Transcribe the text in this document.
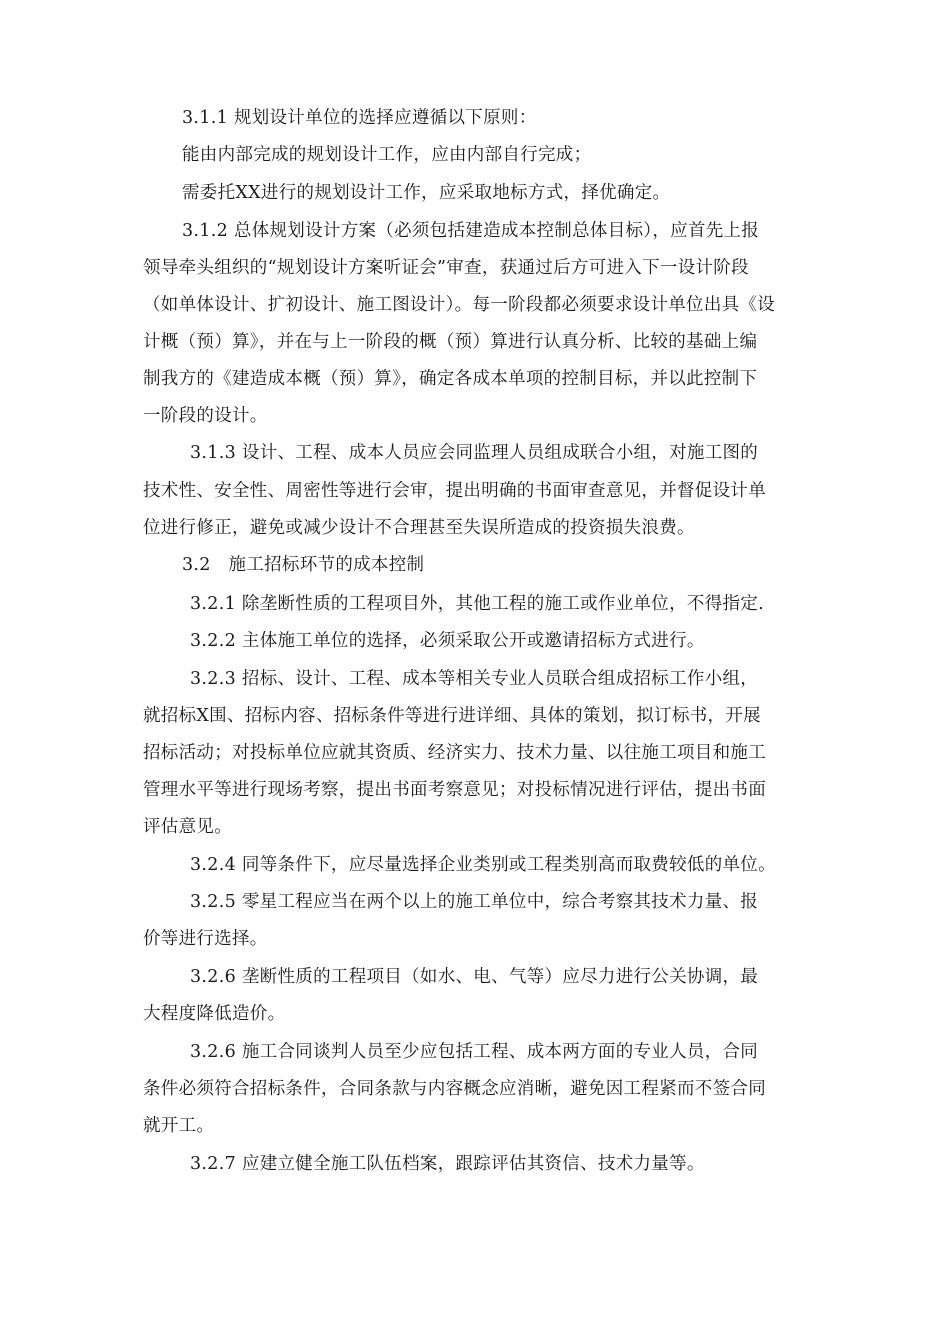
3.1.1 规划设计单位的选择应遵循以下原则：
能由内部完成的规划设计工作，应由内部自行完成；
需委托XX进行的规划设计工作，应采取地标方式，择优确定。
3.1.2 总体规划设计方案（必须包括建造成本控制总体目标），应首先上报
领导牵头组织的“规划设计方案听证会”审查，获通过后方可进入下一设计阶段
（如单体设计、扩初设计、施工图设计）。每一阶段都必须要求设计单位出具《设
计概（预）算》，并在与上一阶段的概（预）算进行认真分析、比较的基础上编
制我方的《建造成本概（预）算》，确定各成本单项的控制目标，并以此控制下
一阶段的设计。
3.1.3 设计、工程、成本人员应会同监理人员组成联合小组，对施工图的
技术性、安全性、周密性等进行会审，提出明确的书面审查意见，并督促设计单
位进行修正，避免或减少设计不合理甚至失误所造成的投资损失浪费。
3.2　施工招标环节的成本控制
3.2.1 除垄断性质的工程项目外，其他工程的施工或作业单位，不得指定.
3.2.2 主体施工单位的选择，必须采取公开或邀请招标方式进行。
3.2.3 招标、设计、工程、成本等相关专业人员联合组成招标工作小组，
就招标X围、招标内容、招标条件等进行进详细、具体的策划，拟订标书，开展
招标活动；对投标单位应就其资质、经济实力、技术力量、以往施工项目和施工
管理水平等进行现场考察，提出书面考察意见；对投标情况进行评估，提出书面
评估意见。
3.2.4 同等条件下，应尽量选择企业类别或工程类别高而取费较低的单位。
3.2.5 零星工程应当在两个以上的施工单位中，综合考察其技术力量、报
价等进行选择。
3.2.6 垄断性质的工程项目（如水、电、气等）应尽力进行公关协调，最
大程度降低造价。
3.2.6 施工合同谈判人员至少应包括工程、成本两方面的专业人员，合同
条件必须符合招标条件，合同条款与内容概念应消晰，避免因工程紧而不签合同
就开工。
3.2.7 应建立健全施工队伍档案，跟踪评估其资信、技术力量等。
